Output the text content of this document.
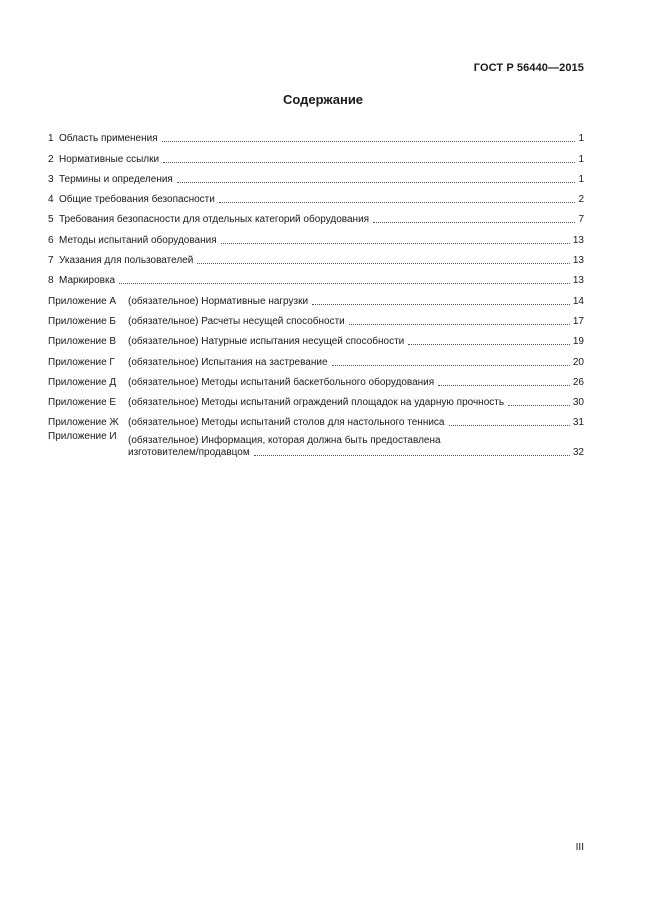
ГОСТ Р 56440—2015
Содержание
1 Область применения	1
2 Нормативные ссылки	1
3 Термины и определения	1
4 Общие требования безопасности	2
5 Требования безопасности для отдельных категорий оборудования	7
6 Методы испытаний оборудования	13
7 Указания для пользователей	13
8 Маркировка	13
Приложение А	(обязательное) Нормативные нагрузки	14
Приложение Б	(обязательное) Расчеты несущей способности	17
Приложение В	(обязательное) Натурные испытания несущей способности	19
Приложение Г	(обязательное) Испытания на застревание	20
Приложение Д	(обязательное) Методы испытаний баскетбольного оборудования	26
Приложение Е	(обязательное) Методы испытаний ограждений площадок на ударную прочность	30
Приложение Ж (обязательное) Методы испытаний столов для настольного тенниса	31
Приложение И	(обязательное) Информация, которая должна быть предоставлена
изготовителем/продавцом	32
III
